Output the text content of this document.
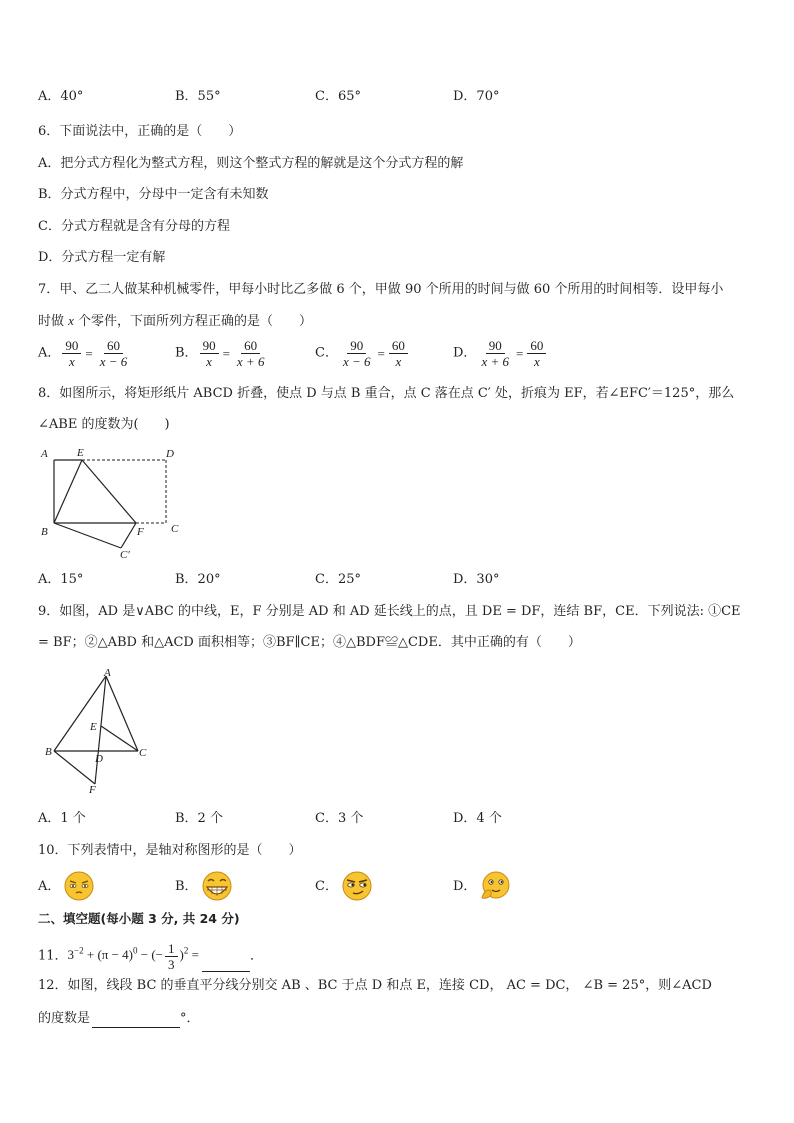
A．40°	B．55°	C．65°	D．70°
6．下面说法中，正确的是（　　）
A．把分式方程化为整式方程，则这个整式方程的解就是这个分式方程的解
B．分式方程中，分母中一定含有未知数
C．分式方程就是含有分母的方程
D．分式方程一定有解
7．甲、乙二人做某种机械零件，甲每小时比乙多做 6 个，甲做 90 个所用的时间与做 60 个所用的时间相等．设甲每小
时做 x 个零件，下面所列方程正确的是（　　）
A． $\frac{90}{x} = \frac{60}{x - 6}$	B． $\frac{90}{x} = \frac{60}{x + 6}$	C． $\frac{90}{x - 6} = \frac{60}{x}$	D． $\frac{90}{x + 6} = \frac{60}{x}$
8．如图所示，将矩形纸片 ABCD 折叠，使点 D 与点 B 重合，点 C 落在点 C′ 处，折痕为 EF，若∠EFC′＝125°，那么
∠ABE 的度数为(　　)
A	E	D
B	F C
C′
A．15°	B．20°	C．25°	D．30°
9．如图，AD 是∨ABC 的中线，E，F 分别是 AD 和 AD 延长线上的点，且 DE = DF，连结 BF，CE．下列说法: ①CE
= BF；②△ABD 和△ACD 面积相等；③BF∥CE；④△BDF≌△CDE．其中正确的有（　　）
A
E
B	C
D
F
A．1 个	B．2 个	C．3 个	D．4 个
10．下列表情中，是轴对称图形的是（　　）
A．	B．	C．	D．
二、填空题(每小题 3 分, 共 24 分)
11．$3^{-2} + (\pi - 4)^0$ − (− $\frac{1}{3} )^2$ =	．
12．如图，线段 BC 的垂直平分线分别交 AB 、BC 于点 D 和点 E，连接 CD， AC = DC， ∠B = 25°，则∠ACD
的度数是	°．
